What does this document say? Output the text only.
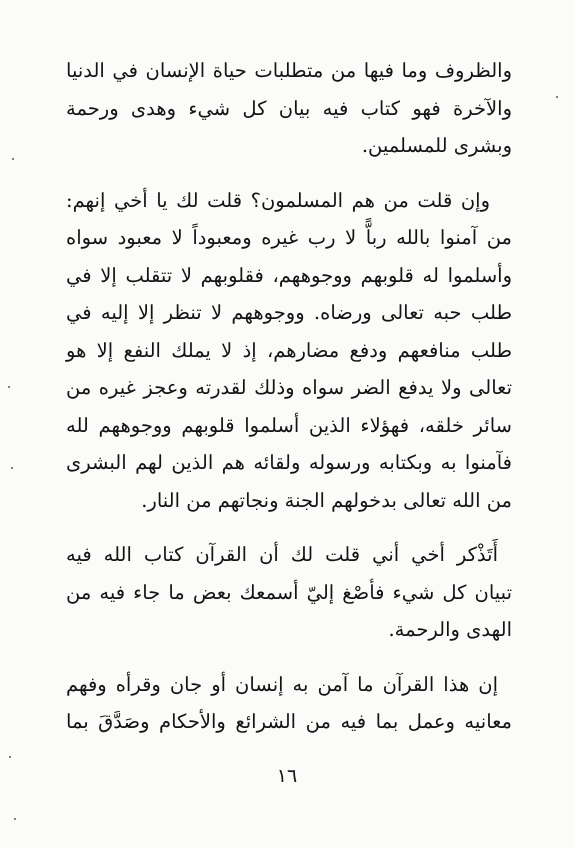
والظروف وما فيها من متطلبات حياة الإنسان في الدنيا
والآخرة فهو كتاب فيه بيان كل شيء وهدى ورحمة
وبشرى للمسلمين.

وإن قلت من هم المسلمون؟ قلت لك يا أخي إنهم:
من آمنوا بالله رباًّ لا رب غيره ومعبوداً لا معبود سواه
وأسلموا له قلوبهم ووجوههم، فقلوبهم لا تتقلب إلا في
طلب حبه تعالى ورضاه. ووجوههم لا تنظر إلا إليه في
طلب منافعهم ودفع مضارهم، إذ لا يملك النفع إلا هو
تعالى ولا يدفع الضر سواه وذلك لقدرته وعجز غيره من
سائر خلقه، فهؤلاء الذين أسلموا قلوبهم ووجوههم لله
فآمنوا به وبكتابه ورسوله ولقائه هم الذين لهم البشرى
من الله تعالى بدخولهم الجنة ونجاتهم من النار.

أَتَذْكر أخي أني قلت لك أن القرآن كتاب الله فيه
تبيان كل شيء فأصْغ إليّ أسمعك بعض ما جاء فيه من
الهدى والرحمة.

إن هذا القرآن ما آمن به إنسان أو جان وقرأه وفهم
معانيه وعمل بما فيه من الشرائع والأحكام وصَدَّقَ بما

١٦
